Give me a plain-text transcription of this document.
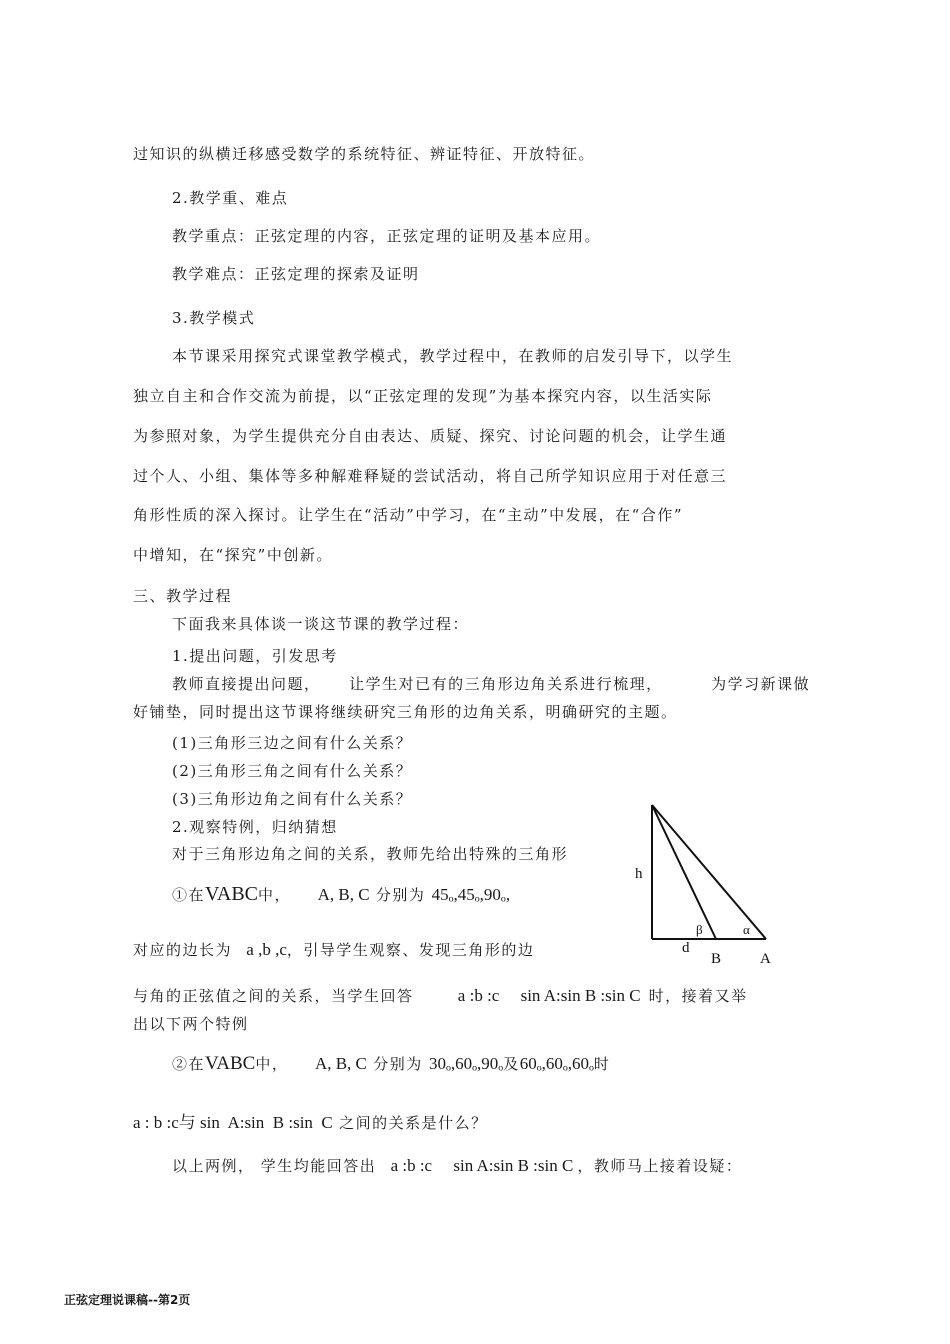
过知识的纵横迁移感受数学的系统特征、辨证特征、开放特征。
2.教学重、难点
教学重点：正弦定理的内容，正弦定理的证明及基本应用。
教学难点：正弦定理的探索及证明
3.教学模式
本节课采用探究式课堂教学模式，教学过程中，在教师的启发引导下，以学生
独立自主和合作交流为前提，以“正弦定理的发现”为基本探究内容，以生活实际
为参照对象，为学生提供充分自由表达、质疑、探究、讨论问题的机会，让学生通
过个人、小组、集体等多种解难释疑的尝试活动，将自己所学知识应用于对任意三
角形性质的深入探讨。让学生在“活动”中学习，在“主动”中发展，在“合作”
中增知，在“探究”中创新。
三、教学过程
下面我来具体谈一谈这节课的教学过程：
1.提出问题，引发思考
教师直接提出问题， 让学生对已有的三角形边角关系进行梳理，	为学习新课做
好铺垫，同时提出这节课将继续研究三角形的边角关系，明确研究的主题。
(1)三角形三边之间有什么关系？
(2)三角形三角之间有什么关系？
(3)三角形边角之间有什么关系？
2.观察特例，归纳猜想
对于三角形边角之间的关系，教师先给出特殊的三角形
①在VABC中， A, B, C 分别为 45ₒ,45ₒ,90ₒ,
对应的边长为 a ,b ,c，引导学生观察、发现三角形的边
与角的正弦值之间的关系，当学生回答	a :b :c     sin A:sin B :sin C 时，接着又举
出以下两个特例
②在VABC中， A, B, C 分别为 30ₒ,60ₒ,90ₒ及60ₒ,60ₒ,60ₒ时
a : b :c与 sin  A:sin  B :sin  C 之间的关系是什么？
以上两例， 学生均能回答出 a :b :c     sin A:sin B :sin C ，教师马上接着设疑：
h
β	α
d
B	A
正弦定理说课稿--第2页
